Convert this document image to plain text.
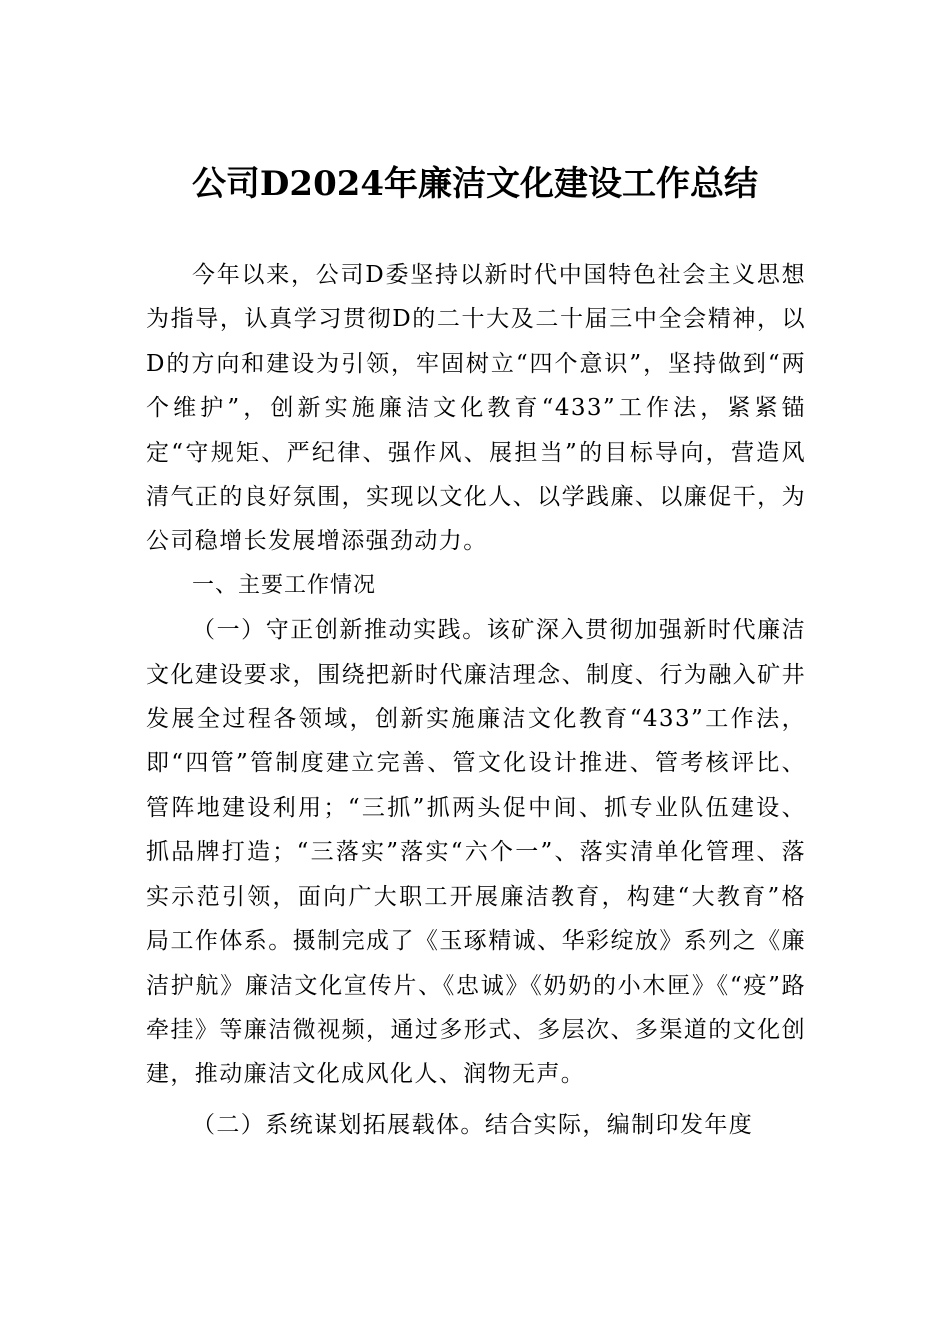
公司D2024年廉洁文化建设工作总结

今年以来，公司D委坚持以新时代中国特色社会主义思想为指导，认真学习贯彻D的二十大及二十届三中全会精神，以D的方向和建设为引领，牢固树立“四个意识”，坚持做到“两个维护”，创新实施廉洁文化教育“433”工作法，紧紧锚定“守规矩、严纪律、强作风、展担当”的目标导向，营造风清气正的良好氛围，实现以文化人、以学践廉、以廉促干，为公司稳增长发展增添强劲动力。

一、主要工作情况

（一）守正创新推动实践。该矿深入贯彻加强新时代廉洁文化建设要求，围绕把新时代廉洁理念、制度、行为融入矿井发展全过程各领域，创新实施廉洁文化教育“433”工作法，即“四管”管制度建立完善、管文化设计推进、管考核评比、管阵地建设利用；“三抓”抓两头促中间、抓专业队伍建设、抓品牌打造；“三落实”落实“六个一”、落实清单化管理、落实示范引领，面向广大职工开展廉洁教育，构建“大教育”格局工作体系。摄制完成了《玉琢精诚、华彩绽放》系列之《廉洁护航》廉洁文化宣传片、《忠诚》《奶奶的小木匣》《“疫”路牵挂》等廉洁微视频，通过多形式、多层次、多渠道的文化创建，推动廉洁文化成风化人、润物无声。

（二）系统谋划拓展载体。结合实际，编制印发年度
